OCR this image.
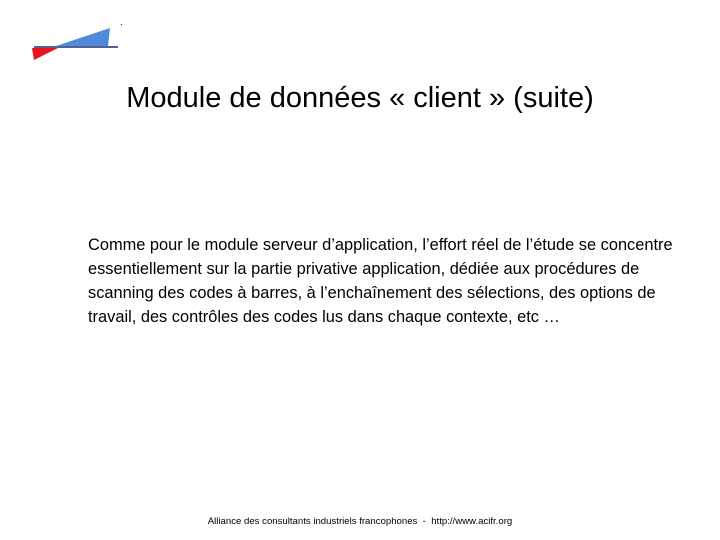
Module de données « client » (suite)

Comme pour le module serveur d’application, l’effort réel de l’étude se concentre essentiellement sur la partie privative application, dédiée aux procédures de scanning des codes à barres, à l’enchaînement des sélections, des options de travail, des contrôles des codes lus dans chaque contexte, etc …

Alliance des consultants industriels francophones  -  http://www.acifr.org
